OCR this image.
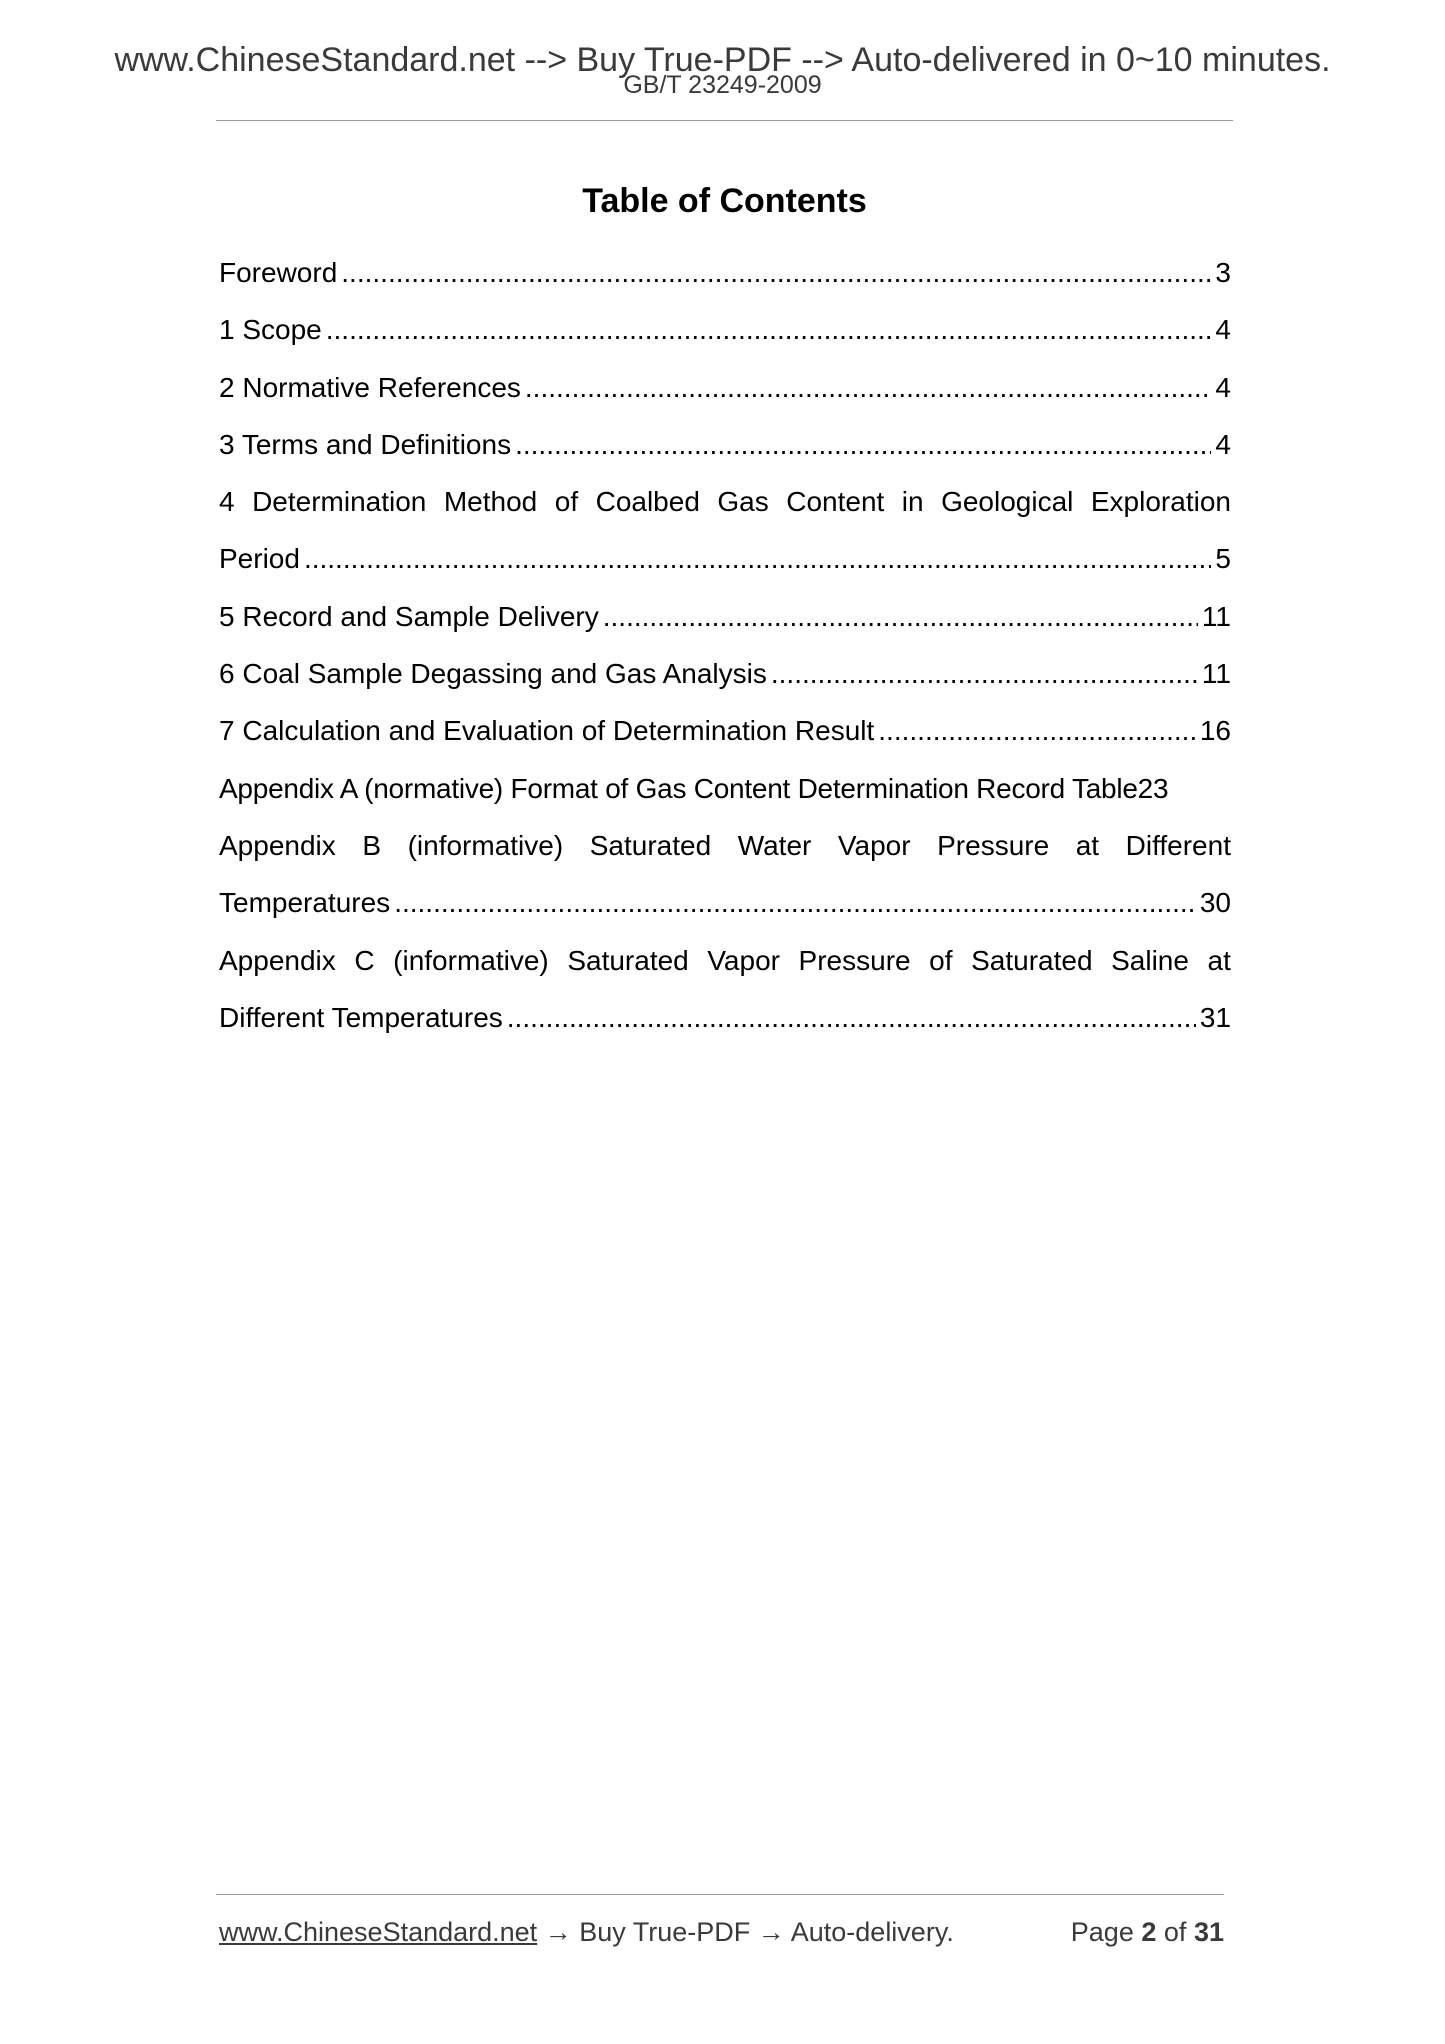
www.ChineseStandard.net --> Buy True-PDF --> Auto-delivered in 0~10 minutes.
GB/T 23249-2009
Table of Contents
Foreword .....	3
1 Scope .....	4
2 Normative References .....	4
3 Terms and Definitions .....	4
4 Determination Method of Coalbed Gas Content in Geological Exploration
Period .....	5
5 Record and Sample Delivery .....	11
6 Coal Sample Degassing and Gas Analysis .....	11
7 Calculation and Evaluation of Determination Result .....	16
Appendix A (normative) Format of Gas Content Determination Record Table23
Appendix B (informative) Saturated Water Vapor Pressure at Different
Temperatures .....	30
Appendix C (informative) Saturated Vapor Pressure of Saturated Saline at
Different Temperatures .....	31
www.ChineseStandard.net → Buy True-PDF → Auto-delivery.	Page 2 of 31
